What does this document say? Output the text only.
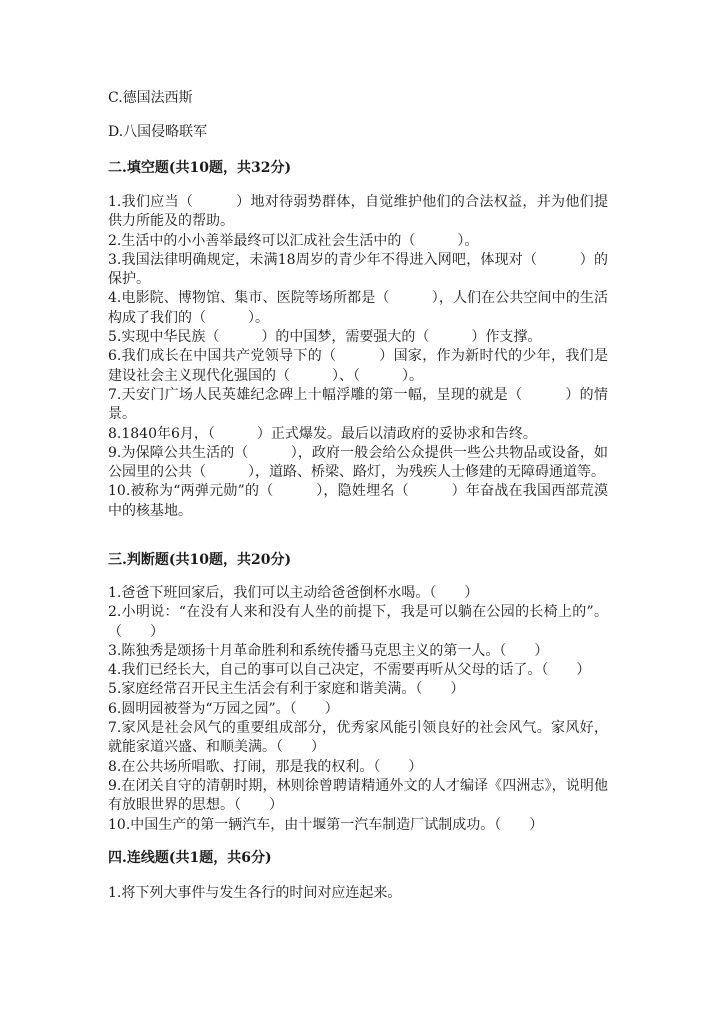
C.德国法西斯

D.八国侵略联军

二.填空题(共10题，共32分)

1.我们应当（　　　）地对待弱势群体，自觉维护他们的合法权益，并为他们提供力所能及的帮助。
2.生活中的小小善举最终可以汇成社会生活中的（　　　）。
3.我国法律明确规定，未满18周岁的青少年不得进入网吧，体现对（　　　）的保护。
4.电影院、博物馆、集市、医院等场所都是（　　　），人们在公共空间中的生活构成了我们的（　　　）。
5.实现中华民族（　　　）的中国梦，需要强大的（　　　）作支撑。
6.我们成长在中国共产党领导下的（　　　）国家，作为新时代的少年，我们是建设社会主义现代化强国的（　　　）、（　　　）。
7.天安门广场人民英雄纪念碑上十幅浮雕的第一幅，呈现的就是（　　　）的情景。
8.1840年6月，（　　　）正式爆发。最后以清政府的妥协求和告终。
9.为保障公共生活的（　　　），政府一般会给公众提供一些公共物品或设备，如公园里的公共（　　　），道路、桥梁、路灯，为残疾人士修建的无障碍通道等。
10.被称为“两弹元勋”的（　　　），隐姓埋名（　　　）年奋战在我国西部荒漠中的核基地。

三.判断题(共10题，共20分)

1.爸爸下班回家后，我们可以主动给爸爸倒杯水喝。（　　）
2.小明说：“在没有人来和没有人坐的前提下，我是可以躺在公园的长椅上的”。（　　）
3.陈独秀是颂扬十月革命胜利和系统传播马克思主义的第一人。（　　）
4.我们已经长大，自己的事可以自己决定，不需要再听从父母的话了。（　　）
5.家庭经常召开民主生活会有利于家庭和谐美满。（　　）
6.圆明园被誉为“万园之园”。（　　）
7.家风是社会风气的重要组成部分，优秀家风能引领良好的社会风气。家风好，就能家道兴盛、和顺美满。（　　）
8.在公共场所唱歌、打闹，那是我的权利。（　　）
9.在闭关自守的清朝时期，林则徐曾聘请精通外文的人才编译《四洲志》，说明他有放眼世界的思想。（　　）
10.中国生产的第一辆汽车，由十堰第一汽车制造厂试制成功。（　　）

四.连线题(共1题，共6分)

1.将下列大事件与发生各行的时间对应连起来。
